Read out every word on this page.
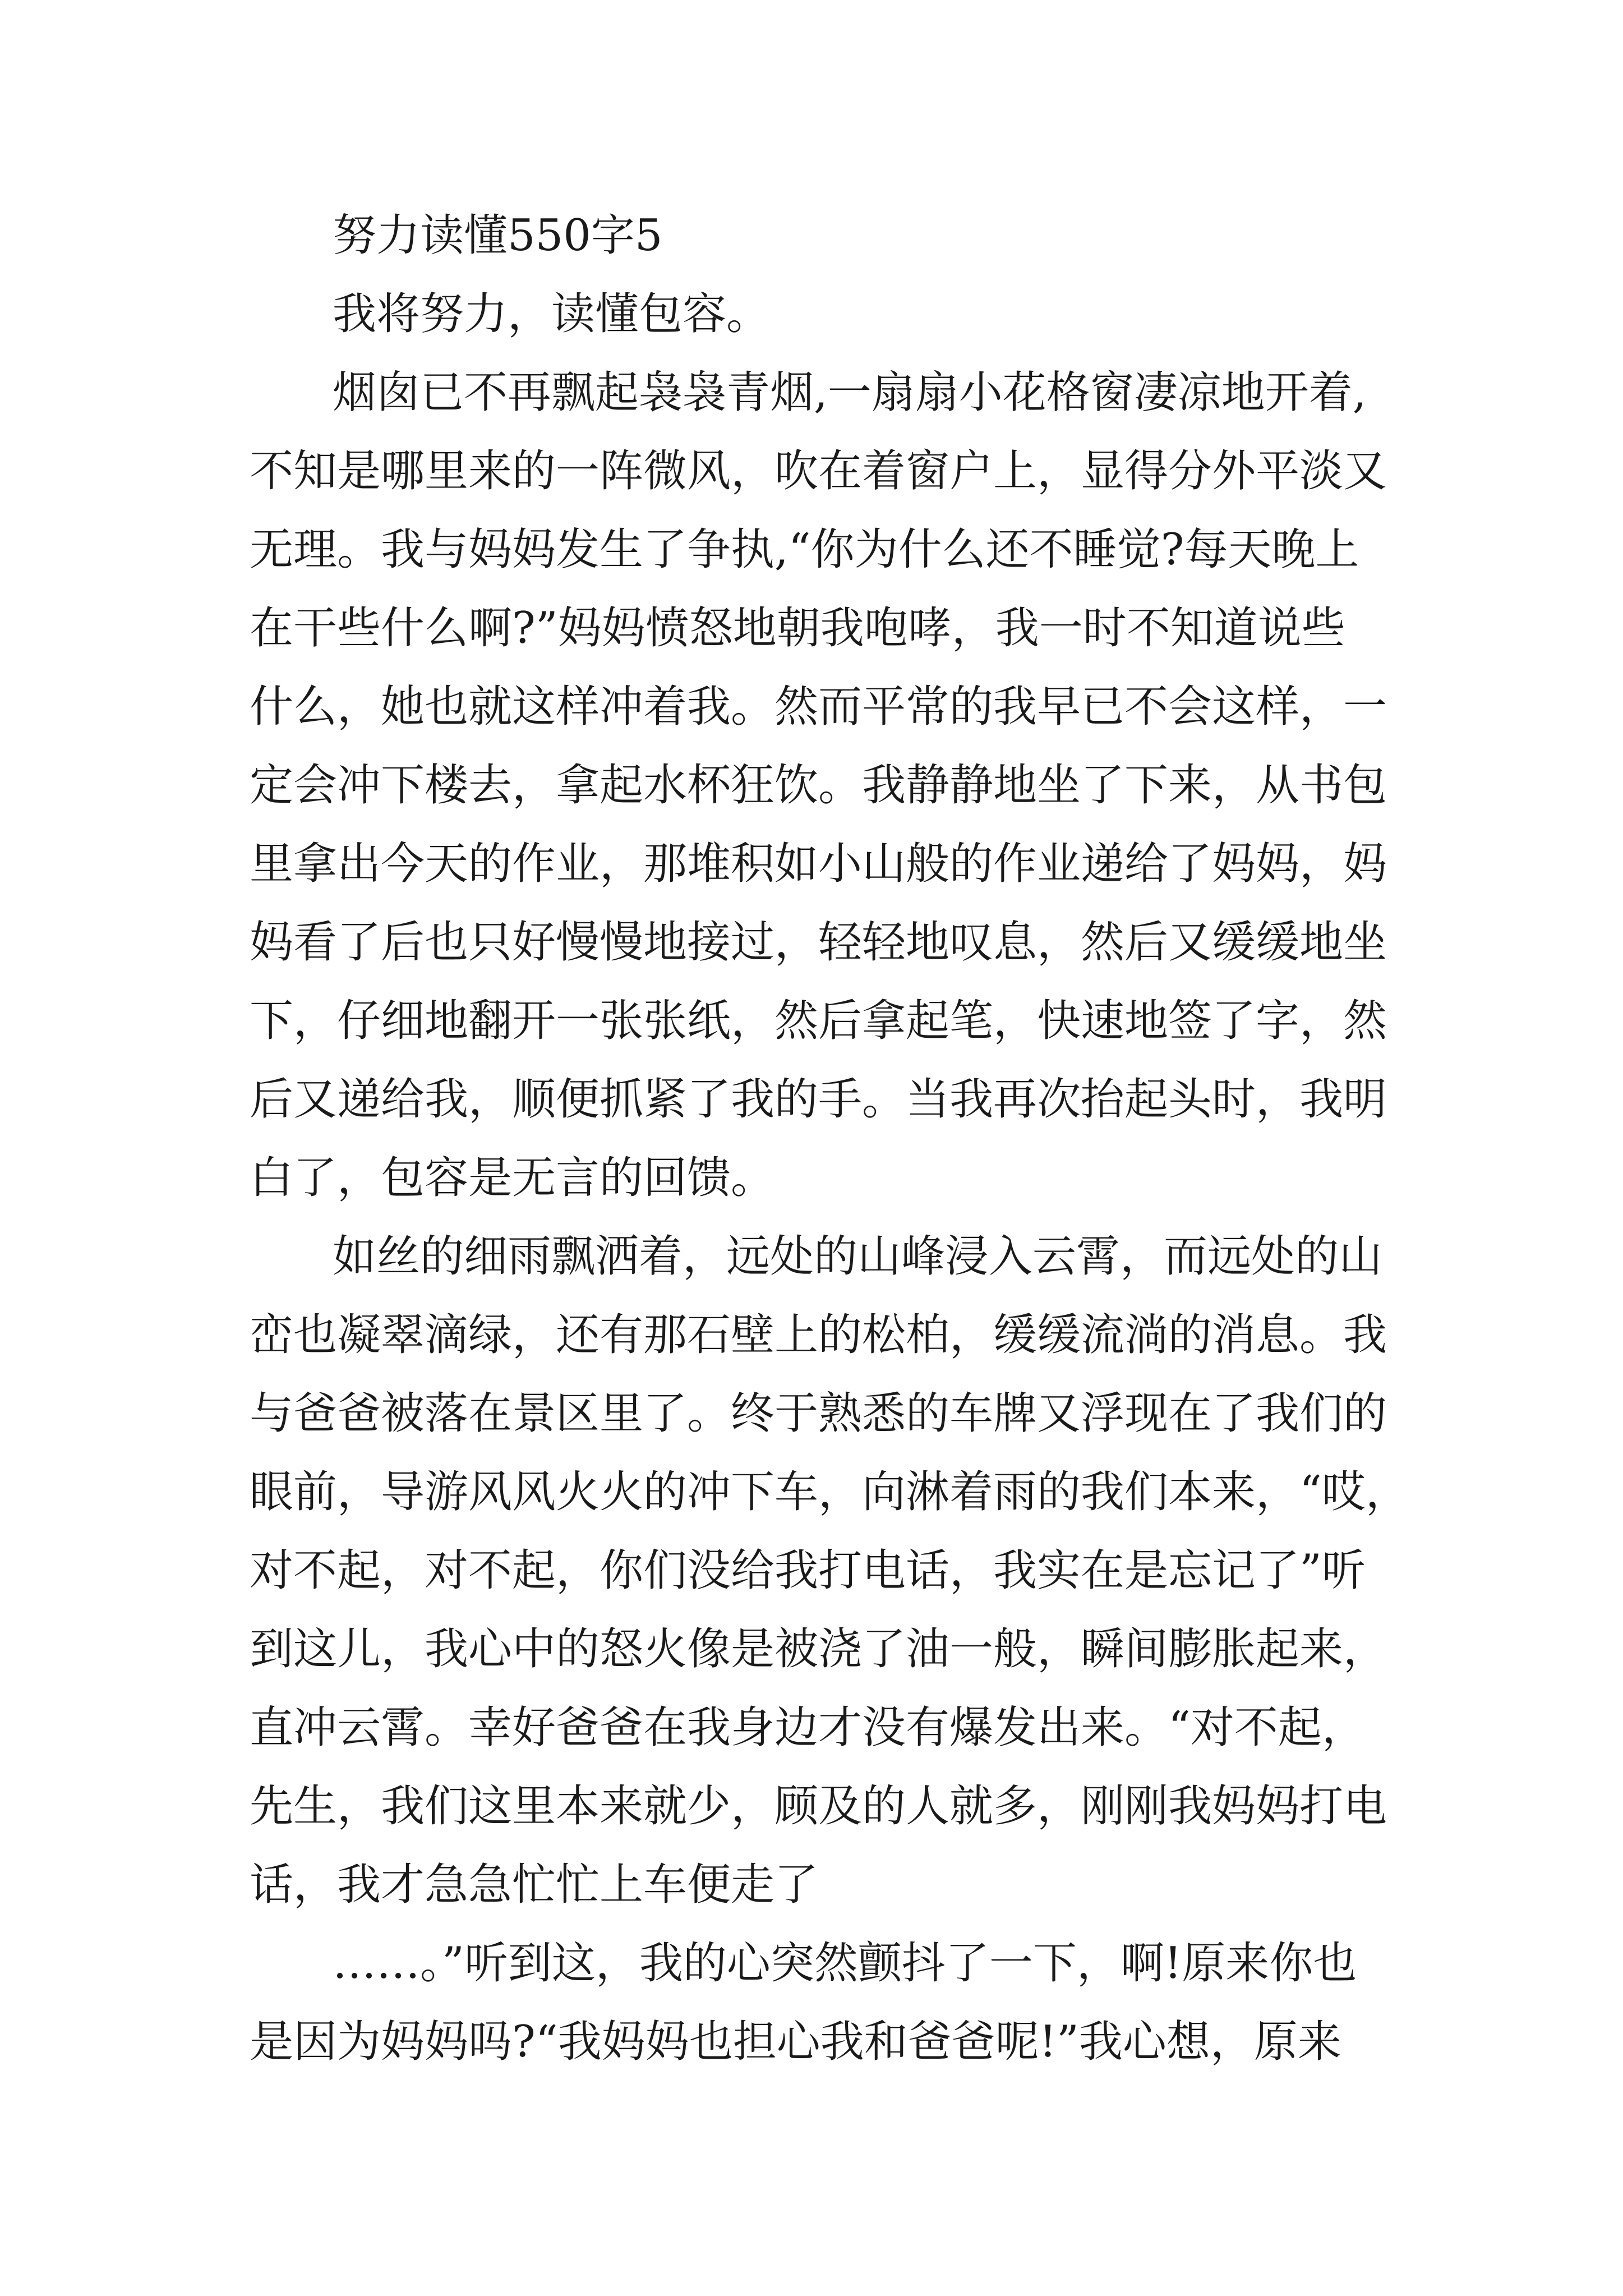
努力读懂550字5
我将努力，读懂包容。
烟囱已不再飘起袅袅青烟,一扇扇小花格窗凄凉地开着,
不知是哪里来的一阵微风，吹在着窗户上，显得分外平淡又
无理。我与妈妈发生了争执,“你为什么还不睡觉?每天晚上
在干些什么啊?”妈妈愤怒地朝我咆哮，我一时不知道说些
什么，她也就这样冲着我。然而平常的我早已不会这样，一
定会冲下楼去，拿起水杯狂饮。我静静地坐了下来，从书包
里拿出今天的作业，那堆积如小山般的作业递给了妈妈，妈
妈看了后也只好慢慢地接过，轻轻地叹息，然后又缓缓地坐
下，仔细地翻开一张张纸，然后拿起笔，快速地签了字，然
后又递给我，顺便抓紧了我的手。当我再次抬起头时，我明
白了，包容是无言的回馈。
如丝的细雨飘洒着，远处的山峰浸入云霄，而远处的山
峦也凝翠滴绿，还有那石壁上的松柏，缓缓流淌的消息。我
与爸爸被落在景区里了。终于熟悉的车牌又浮现在了我们的
眼前，导游风风火火的冲下车，向淋着雨的我们本来，“哎，
对不起，对不起，你们没给我打电话，我实在是忘记了”听
到这儿，我心中的怒火像是被浇了油一般，瞬间膨胀起来，
直冲云霄。幸好爸爸在我身边才没有爆发出来。“对不起，
先生，我们这里本来就少，顾及的人就多，刚刚我妈妈打电
话，我才急急忙忙上车便走了
……。”听到这，我的心突然颤抖了一下，啊!原来你也
是因为妈妈吗?“我妈妈也担心我和爸爸呢!”我心想，原来
